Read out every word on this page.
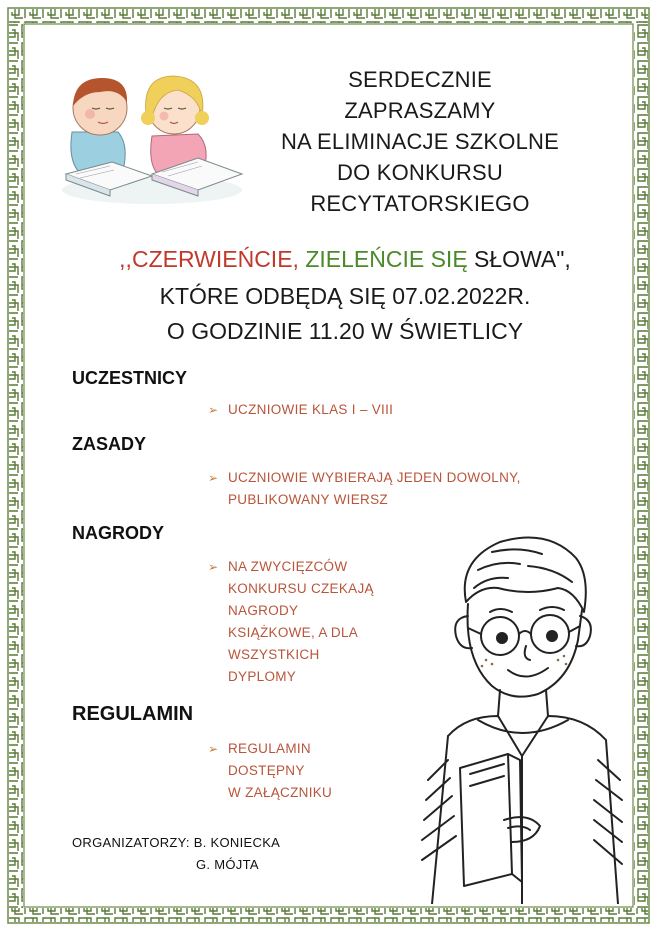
SERDECZNIE
ZAPRASZAMY
NA ELIMINACJE SZKOLNE
DO KONKURSU
RECYTATORSKIEGO
,,CZERWIEŃCIE, ZIELEŃCIE SIĘ SŁOWA",
KTÓRE ODBĘDĄ SIĘ 07.02.2022R.
O GODZINIE 11.20 W ŚWIETLICY
UCZESTNICY
➢ UCZNIOWIE KLAS I – VIII
ZASADY
➢ UCZNIOWIE WYBIERAJĄ JEDEN DOWOLNY,
PUBLIKOWANY WIERSZ
NAGRODY
➢ NA ZWYCIĘZCÓW
KONKURSU CZEKAJĄ
NAGRODY
KSIĄŻKOWE, A DLA
WSZYSTKICH
DYPLOMY
REGULAMIN
➢ REGULAMIN
DOSTĘPNY
W ZAŁĄCZNIKU
ORGANIZATORZY: B. KONIECKA
G. MÓJTA
